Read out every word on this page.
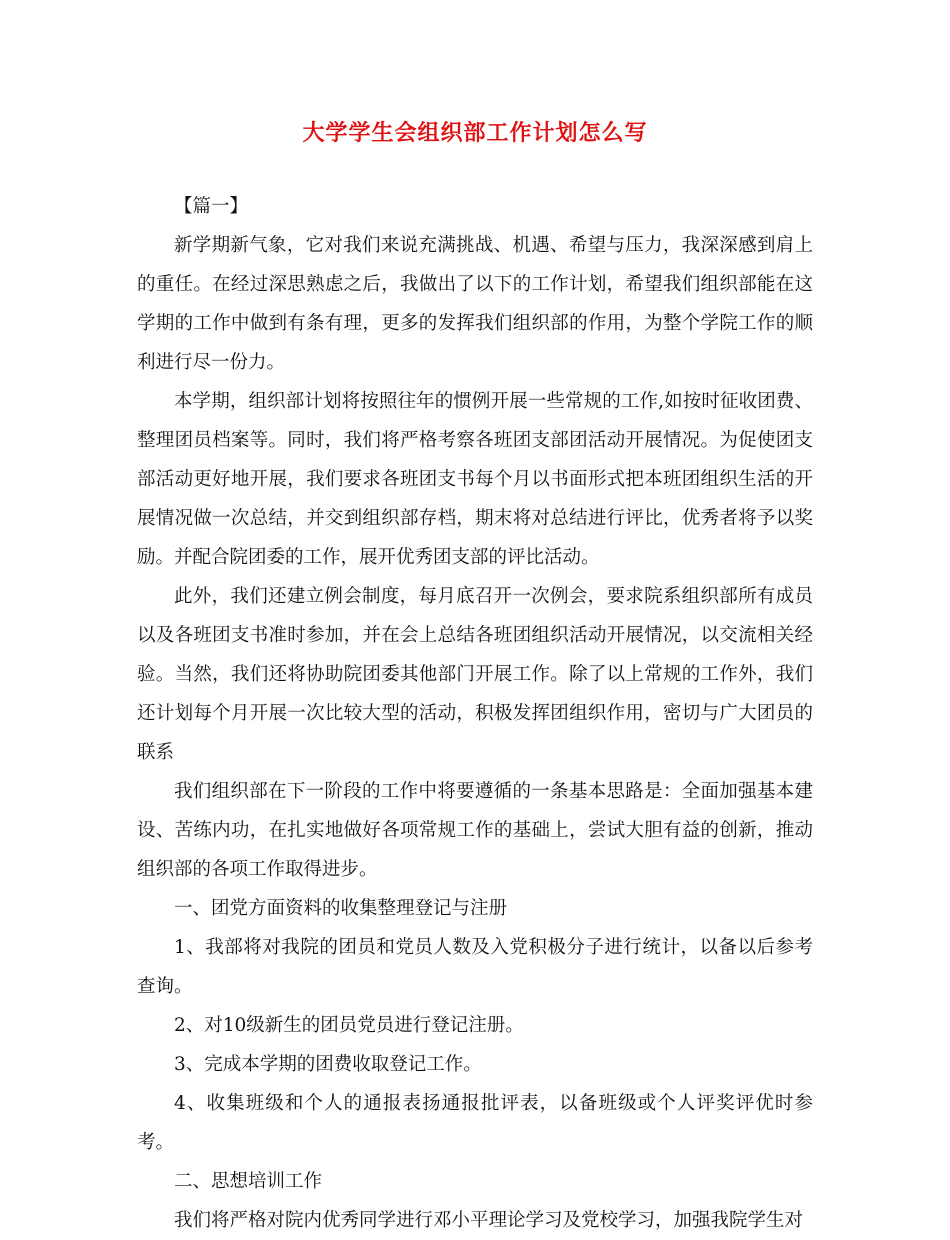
大学学生会组织部工作计划怎么写

【篇一】

新学期新气象，它对我们来说充满挑战、机遇、希望与压力，我深深感到肩上的重任。在经过深思熟虑之后，我做出了以下的工作计划，希望我们组织部能在这学期的工作中做到有条有理，更多的发挥我们组织部的作用，为整个学院工作的顺利进行尽一份力。

本学期，组织部计划将按照往年的惯例开展一些常规的工作,如按时征收团费、整理团员档案等。同时，我们将严格考察各班团支部团活动开展情况。为促使团支部活动更好地开展，我们要求各班团支书每个月以书面形式把本班团组织生活的开展情况做一次总结，并交到组织部存档，期末将对总结进行评比，优秀者将予以奖励。并配合院团委的工作，展开优秀团支部的评比活动。

此外，我们还建立例会制度，每月底召开一次例会，要求院系组织部所有成员以及各班团支书准时参加，并在会上总结各班团组织活动开展情况，以交流相关经验。当然，我们还将协助院团委其他部门开展工作。除了以上常规的工作外，我们还计划每个月开展一次比较大型的活动，积极发挥团组织作用，密切与广大团员的联系

我们组织部在下一阶段的工作中将要遵循的一条基本思路是：全面加强基本建设、苦练内功，在扎实地做好各项常规工作的基础上，尝试大胆有益的创新，推动组织部的各项工作取得进步。

一、团党方面资料的收集整理登记与注册

1、我部将对我院的团员和党员人数及入党积极分子进行统计，以备以后参考查询。

2、对10级新生的团员党员进行登记注册。

3、完成本学期的团费收取登记工作。

4、收集班级和个人的通报表扬通报批评表，以备班级或个人评奖评优时参考。

二、思想培训工作

我们将严格对院内优秀同学进行邓小平理论学习及党校学习，加强我院学生对
